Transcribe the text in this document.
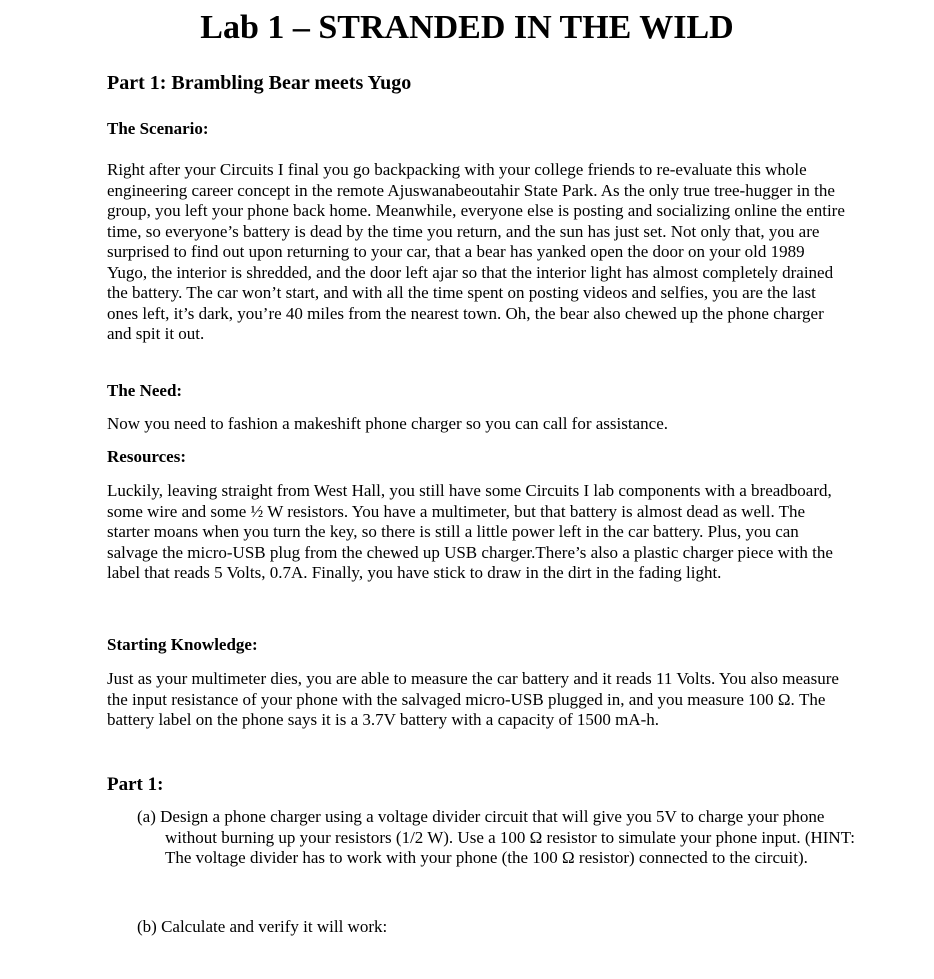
Lab 1 – STRANDED IN THE WILD
Part 1: Brambling Bear meets Yugo
The Scenario:

Right after your Circuits I final you go backpacking with your college friends to re-evaluate this whole engineering career concept in the remote Ajuswanabeoutahir State Park. As the only true tree-hugger in the group, you left your phone back home. Meanwhile, everyone else is posting and socializing online the entire time, so everyone’s battery is dead by the time you return, and the sun has just set. Not only that, you are surprised to find out upon returning to your car, that a bear has yanked open the door on your old 1989 Yugo, the interior is shredded, and the door left ajar so that the interior light has almost completely drained the battery. The car won’t start, and with all the time spent on posting videos and selfies, you are the last ones left, it’s dark, you’re 40 miles from the nearest town. Oh, the bear also chewed up the phone charger and spit it out.

The Need:

Now you need to fashion a makeshift phone charger so you can call for assistance.

Resources:

Luckily, leaving straight from West Hall, you still have some Circuits I lab components with a breadboard, some wire and some ½ W resistors. You have a multimeter, but that battery is almost dead as well. The starter moans when you turn the key, so there is still a little power left in the car battery. Plus, you can salvage the micro-USB plug from the chewed up USB charger.There’s also a plastic charger piece with the label that reads 5 Volts, 0.7A. Finally, you have stick to draw in the dirt in the fading light.

Starting Knowledge:

Just as your multimeter dies, you are able to measure the car battery and it reads 11 Volts. You also measure the input resistance of your phone with the salvaged micro-USB plugged in, and you measure 100 Ω. The battery label on the phone says it is a 3.7V battery with a capacity of 1500 mA-h.

Part 1:

(a) Design a phone charger using a voltage divider circuit that will give you 5V to charge your phone without burning up your resistors (1/2 W). Use a 100 Ω resistor to simulate your phone input. (HINT: The voltage divider has to work with your phone (the 100 Ω resistor) connected to the circuit).

(b) Calculate and verify it will work:
